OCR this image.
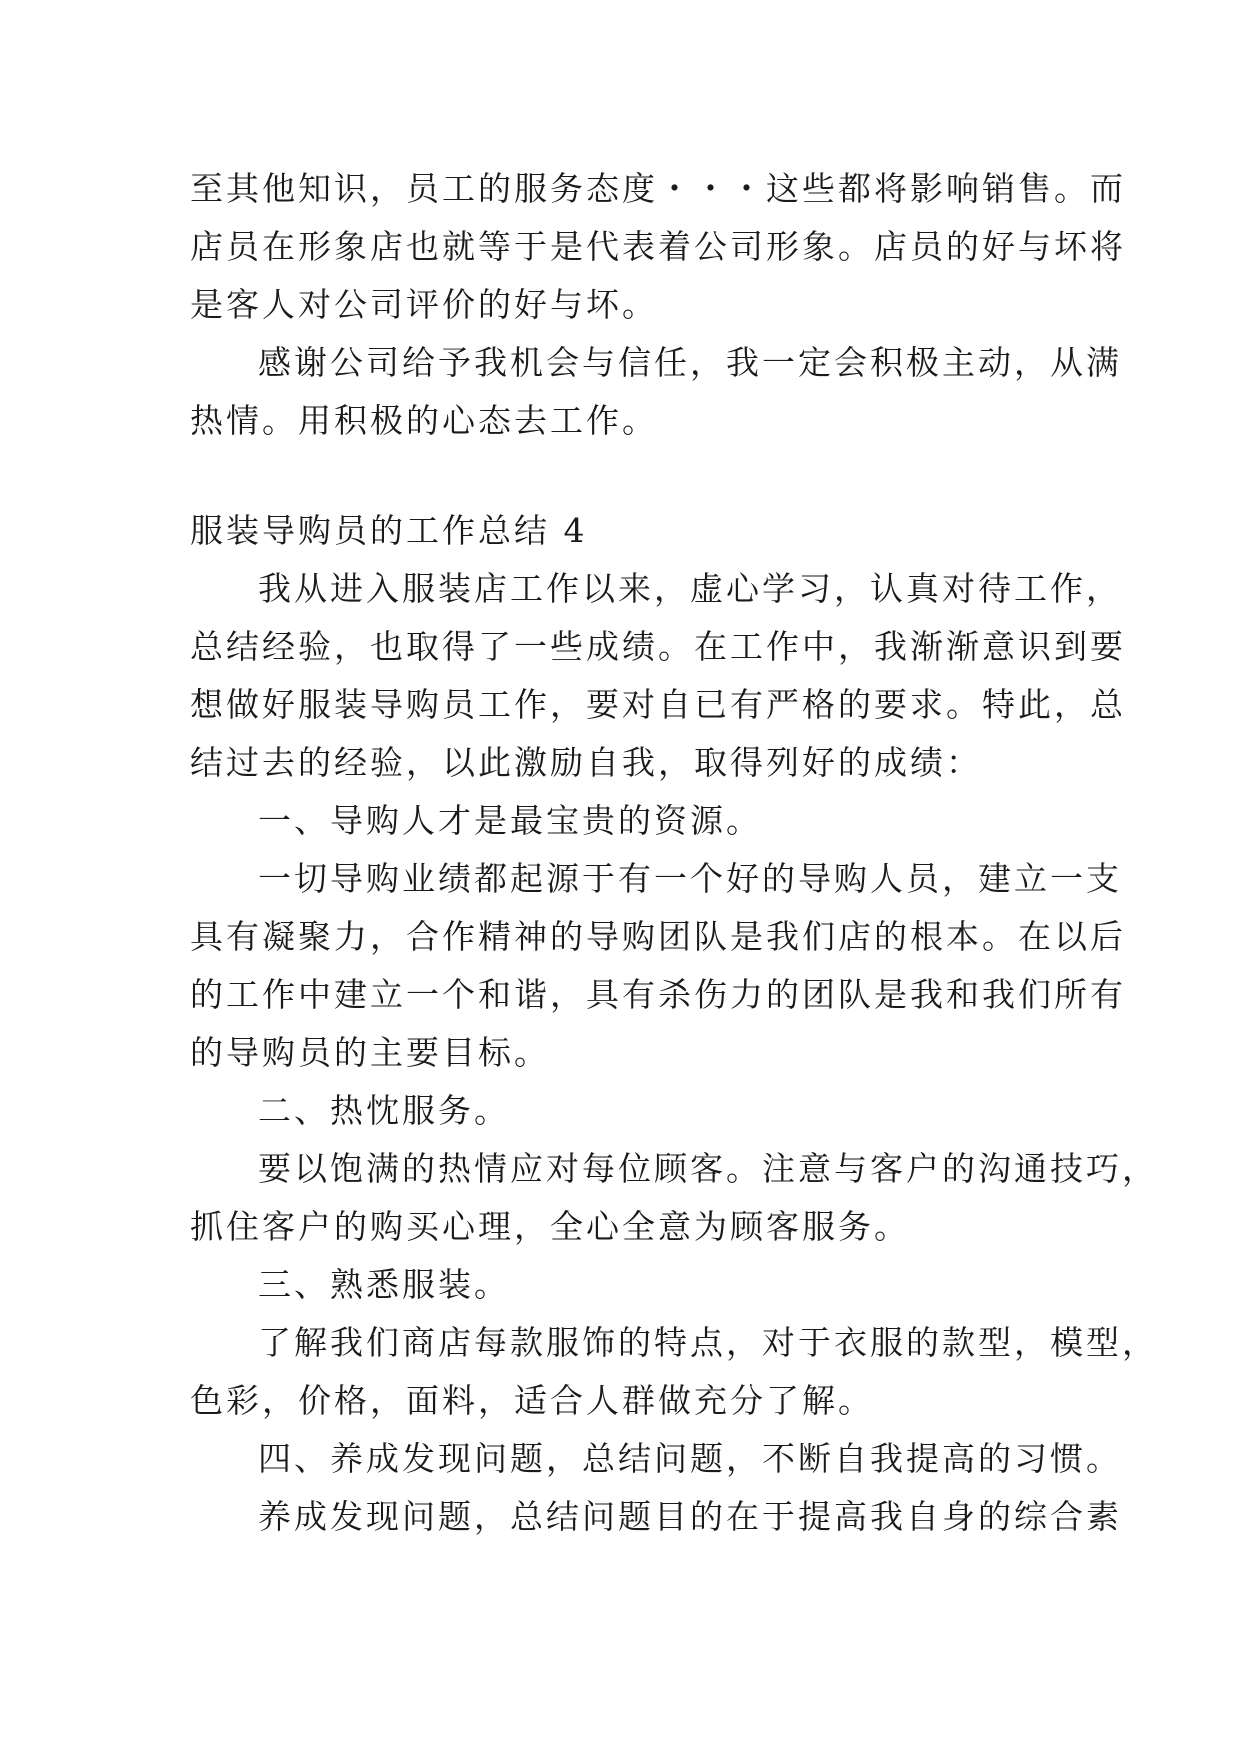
至其他知识，员工的服务态度・・・这些都将影响销售。而
店员在形象店也就等于是代表着公司形象。店员的好与坏将
是客人对公司评价的好与坏。
感谢公司给予我机会与信任，我一定会积极主动，从满
热情。用积极的心态去工作。
服装导购员的工作总结 4
我从进入服装店工作以来，虚心学习，认真对待工作，
总结经验，也取得了一些成绩。在工作中，我渐渐意识到要
想做好服装导购员工作，要对自已有严格的要求。特此，总
结过去的经验，以此激励自我，取得列好的成绩：
一、导购人才是最宝贵的资源。
一切导购业绩都起源于有一个好的导购人员，建立一支
具有凝聚力，合作精神的导购团队是我们店的根本。在以后
的工作中建立一个和谐，具有杀伤力的团队是我和我们所有
的导购员的主要目标。
二、热忱服务。
要以饱满的热情应对每位顾客。注意与客户的沟通技巧，
抓住客户的购买心理，全心全意为顾客服务。
三、熟悉服装。
了解我们商店每款服饰的特点，对于衣服的款型，模型，
色彩，价格，面料，适合人群做充分了解。
四、养成发现问题，总结问题，不断自我提高的习惯。
养成发现问题，总结问题目的在于提高我自身的综合素
